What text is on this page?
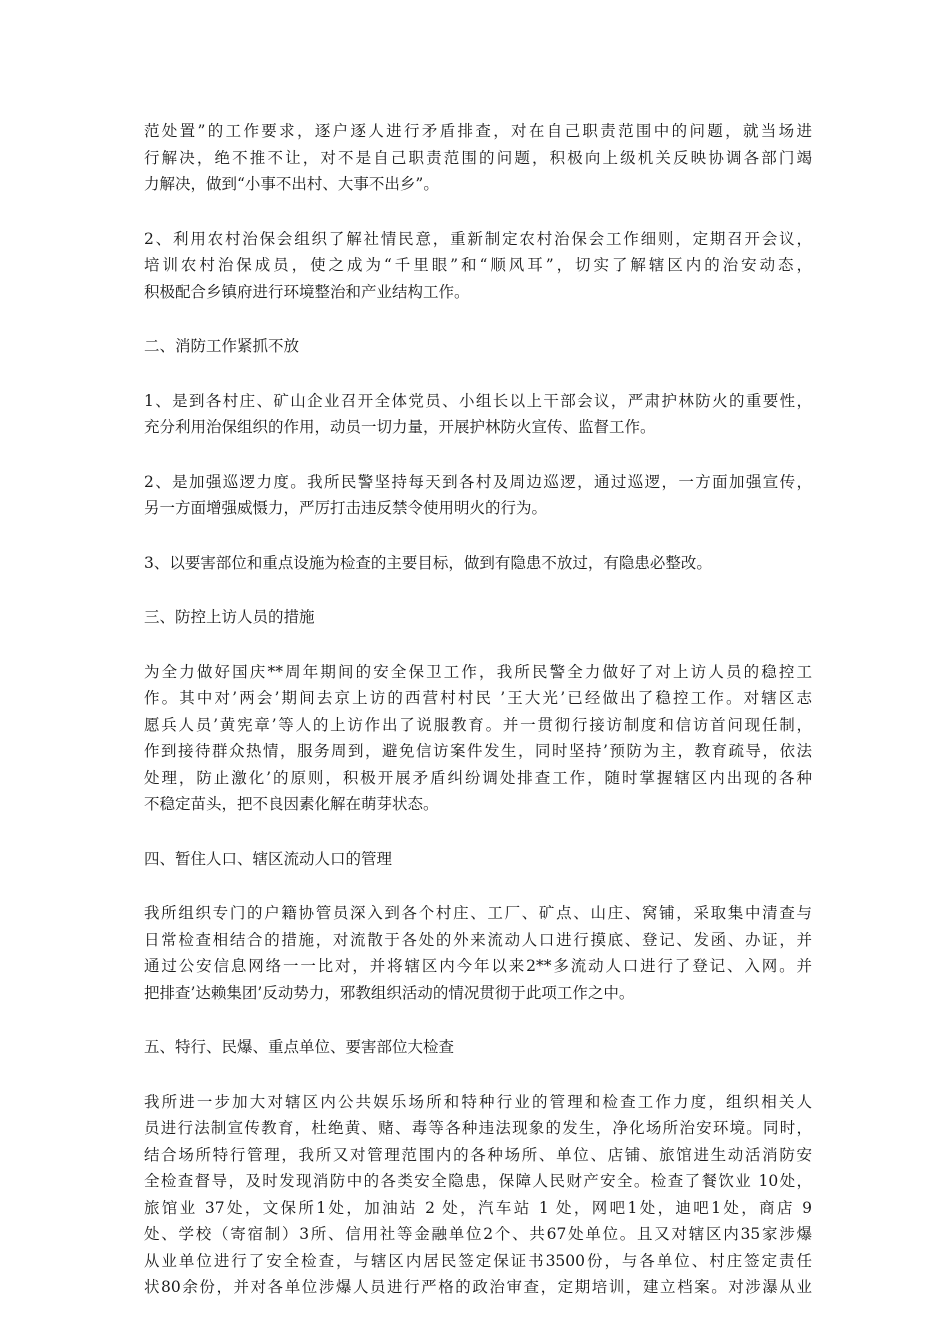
范处置”的工作要求，逐户逐人进行矛盾排查，对在自己职责范围中的问题，就当场进
行解决，绝不推不让，对不是自己职责范围的问题，积极向上级机关反映协调各部门竭
力解决，做到“小事不出村、大事不出乡”。

2、利用农村治保会组织了解社情民意，重新制定农村治保会工作细则，定期召开会议，
培训农村治保成员，使之成为“千里眼”和“顺风耳”，切实了解辖区内的治安动态，
积极配合乡镇府进行环境整治和产业结构工作。

二、消防工作紧抓不放

1、是到各村庄、矿山企业召开全体党员、小组长以上干部会议，严肃护林防火的重要性，
充分利用治保组织的作用，动员一切力量，开展护林防火宣传、监督工作。

2、是加强巡逻力度。我所民警坚持每天到各村及周边巡逻，通过巡逻，一方面加强宣传，
另一方面增强威慑力，严厉打击违反禁令使用明火的行为。

3、以要害部位和重点设施为检查的主要目标，做到有隐患不放过，有隐患必整改。

三、防控上访人员的措施

为全力做好国庆**周年期间的安全保卫工作，我所民警全力做好了对上访人员的稳控工
作。其中对’两会’期间去京上访的西营村村民 ’王大光’已经做出了稳控工作。对辖区志
愿兵人员’黄宪章’等人的上访作出了说服教育。并一贯彻行接访制度和信访首问现任制，
作到接待群众热情，服务周到，避免信访案件发生，同时坚持’预防为主，教育疏导，依法
处理，防止激化’的原则，积极开展矛盾纠纷调处排查工作，随时掌握辖区内出现的各种
不稳定苗头，把不良因素化解在萌芽状态。

四、暂住人口、辖区流动人口的管理

我所组织专门的户籍协管员深入到各个村庄、工厂、矿点、山庄、窝铺，采取集中清查与
日常检查相结合的措施，对流散于各处的外来流动人口进行摸底、登记、发函、办证，并
通过公安信息网络一一比对，并将辖区内今年以来2**多流动人口进行了登记、入网。并
把排查’达赖集团’反动势力，邪教组织活动的情况贯彻于此项工作之中。

五、特行、民爆、重点单位、要害部位大检查

我所进一步加大对辖区内公共娱乐场所和特种行业的管理和检查工作力度，组织相关人
员进行法制宣传教育，杜绝黄、赌、毒等各种违法现象的发生，净化场所治安环境。同时，
结合场所特行管理，我所又对管理范围内的各种场所、单位、店铺、旅馆进生动活消防安
全检查督导，及时发现消防中的各类安全隐患，保障人民财产安全。检查了餐饮业 10处，
旅馆业 37处，文保所1处，加油站 2 处，汽车站 1 处，网吧1处，迪吧1处，商店 9
处、学校（寄宿制）3所、信用社等金融单位2个、共67处单位。且又对辖区内35家涉爆
从业单位进行了安全检查，与辖区内居民签定保证书3500份，与各单位、村庄签定责任
状80余份，并对各单位涉爆人员进行严格的政治审查，定期培训，建立档案。对涉瀑从业
